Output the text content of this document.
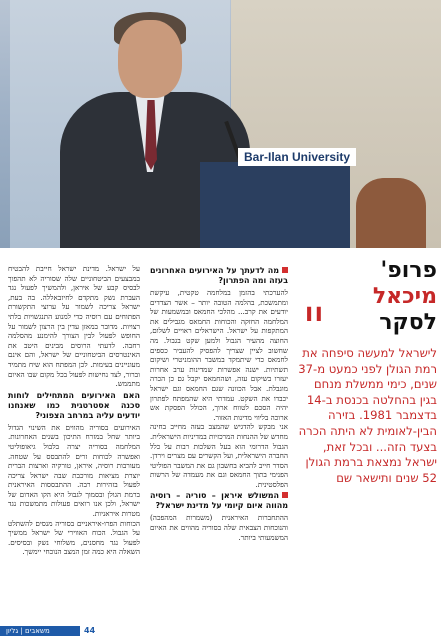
Bar-Ilan University
פרופ'
מיכאל
לסקר
"
לישראל למעשה סיפחה את רמת הגולן לפני כמעט מ-37 שנים, כימי ממשלת מנחם בגין בהחלטה בכנסת ב-14 בדצמבר 1981. בזירה הבין-לאומית לא היתה הכרה בצעד הזה... ובכל זאת, ישראל נמצאת ברמת הגולן 52 שנים ותישאר שם
מה לדעתך על האירועים האחרונים בעזה ומה הפתרון?

להערכתי בהזמן במלחמה טקטית, עיקשת ומתמשכת, בהלמה הטובה יותר – אשר הצדדים יודעים את קרב... מהלכי החמאס ובמשמעות של המלחמה החזקה והכוחות החמאס מגבילים את המתקפות על ישראל. הישראלים ראויים לשלום, החוצה מהעיר הגבול ולמען שקט בגבול. מה שחשוב לציין שצריך להפסיק להעביר כספים לחמאס כדי שיתמקד במשבר ההומניטרי ושיקום תשתיות. ישנה אפשרות שמדינות ערב אחרות יעזרו בשיקום עזה, ושהחמאס יקבל גם כן הכרה מוגבלת. אבל הכוונה שגם החמאס וגם ישראל יכבדו את השקט. עמדתי היא שהמפתח לפתרון יהיה הסכם לטווח ארוך, הכולל הפסקת אש ארוכה בליווי מדינות האזור.

אני מבקש להדגיש שהמצב בעזה מחייב בחינה מחדש של ההנחות המרכזיות במדיניות הישראלית. הגבול הדרומי הוא בעל השלכות רבות על כלל החברה הישראלית, ועל הקשרים עם מצרים וירדן. הסדר חייב להביא בחשבון גם את המשבר הפוליטי הפנימי בתוך החמאס וגם את מעמדה של הרשות הפלסטינית.

המשולש איראן – סוריה – רוסיה מהווה איום קיומי על מדינת ישראל?

ההתחברות האיראנית (משמרות המהפכה) והנוכחות הצבאית שלה בסוריה מהווים את האיום המשמעותי ביותר.

על ישראל. מדינת ישראל חייבת להבטיח במבצעים הביטחוניים שלה שסוריה לא תהפוך לבסיס קבע של איראן, ולהמשיך לפעול נגד העברת נשק מתקדם לחיזבאללה. בה בעת, ישראל צריכה לשמור על ערוצי התקשורת הפתוחים עם רוסיה כדי למנוע התנגשויות בלתי רצויות. מדובר במאזן עדין בין הרצון לשמור על החופש לפעול לבין הצורך להימנע מהסלמה רחבה. לדעתי הרוסים מבינים היטב את האינטרסים הביטחוניים של ישראל, והם אינם מעוניינים בעימות. לכן המפתח הוא שיח מתמיד וברור, לצד נחישות לפעול בכל מקום שבו האיום מתממש.

האם האירועים המתחילים לוחות סכנה אסטרטגית כמו שאנחנו יודעים עליה במרחב הצפוני?

האירועים בסוריה מהווים את השינוי הגדול ביותר שחל במזרח התיכון בשנים האחרונות. המלחמה בסוריה יצרה בלבול גיאופוליטי ואפשרה לכוחות זרים להתבסס על שטחה. מעורבות רוסיה, איראן, טורקיה וארצות הברית יוצרת מציאות מורכבת שבה ישראל צריכה לפעול בזהירות רבה. ההתבססות האיראנית ברמת הגולן ובסמוך לגבול היא הקו האדום של ישראל, ולכן אנו רואים פעולות מתמשכות נגד מטרות איראניות.

הכוחות הפרו-איראניים בסוריה מנסים להשתלט על הגבול. הכוח האווירי של ישראל ממשיך לפעול נגד מחסנים, משלוחי נשק ובסיסים. השאלה היא כמה זמן המצב הנוכחי יימשך.

משאבים | גליון	44
